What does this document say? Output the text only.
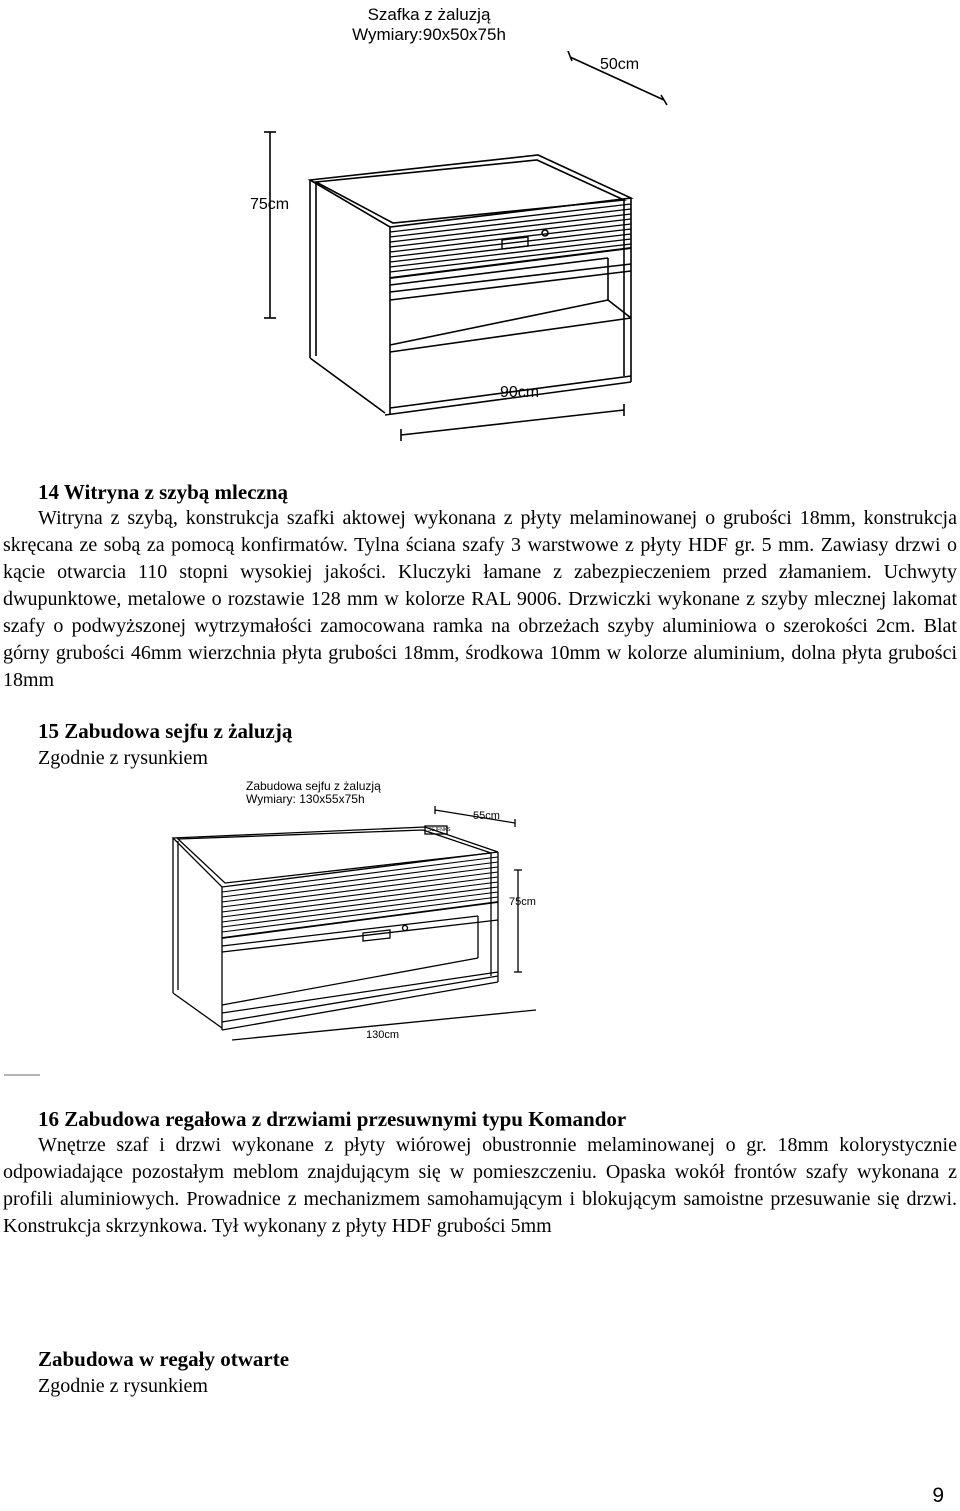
Szafka z żaluzją
Wymiary:90x50x75h
50cm
75cm
90cm
14 Witryna z szybą mleczną

Witryna z szybą, konstrukcja szafki aktowej wykonana z płyty melaminowanej o grubości 18mm, konstrukcja skręcana ze sobą za pomocą konfirmatów. Tylna ściana szafy 3 warstwowe z płyty HDF gr. 5 mm. Zawiasy drzwi o kącie otwarcia 110 stopni wysokiej jakości. Kluczyki łamane z zabezpieczeniem przed złamaniem. Uchwyty dwupunktowe, metalowe o rozstawie 128 mm w kolorze RAL 9006. Drzwiczki wykonane z szyby mlecznej lakomat szafy o podwyższonej wytrzymałości zamocowana ramka na obrzeżach szyby aluminiowa o szerokości 2cm. Blat górny grubości 46mm wierzchnia płyta grubości 18mm, środkowa 10mm w kolorze aluminium, dolna płyta grubości 18mm

15 Zabudowa sejfu z żaluzją

Zgodnie z rysunkiem

Zabudowa sejfu z żaluzją
Wymiary: 130x55x75h
55cm
75cm
130cm
SEJFNKS
16 Zabudowa regałowa z drzwiami przesuwnymi typu Komandor

Wnętrze szaf i drzwi wykonane z płyty wiórowej obustronnie melaminowanej o gr. 18mm kolorystycznie odpowiadające pozostałym meblom znajdującym się w pomieszczeniu. Opaska wokół frontów szafy wykonana z profili aluminiowych. Prowadnice z mechanizmem samohamującym i blokującym samoistne przesuwanie się drzwi. Konstrukcja skrzynkowa. Tył wykonany z płyty HDF grubości 5mm

Zabudowa w regały otwarte

Zgodnie z rysunkiem

9
